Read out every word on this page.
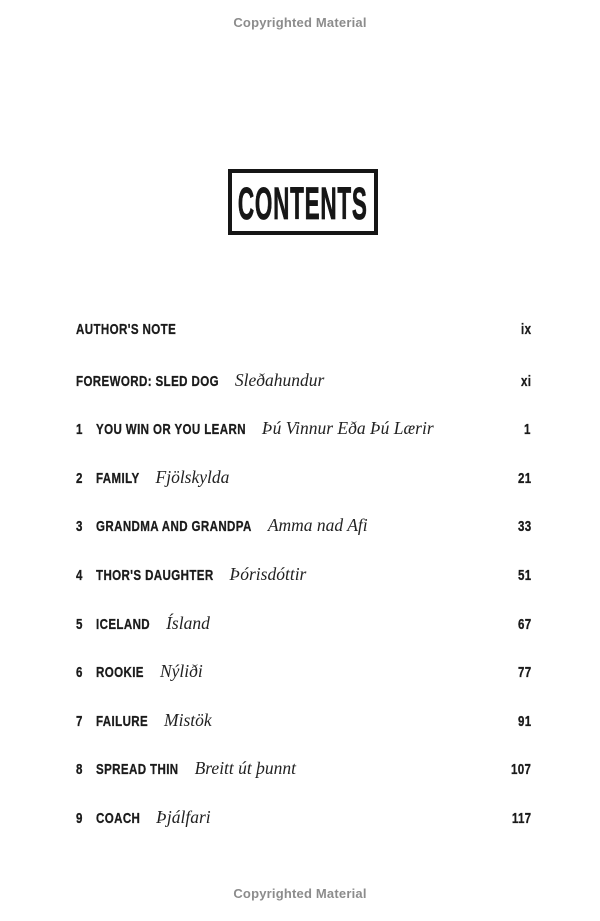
Copyrighted Material
CONTENTS
AUTHOR'S NOTE	ix
FOREWORD: SLED DOG Sleðahundur	xi
1 YOU WIN OR YOU LEARN Þú Vinnur Eða Þú Lærir	1
2 FAMILY Fjölskylda	21
3 GRANDMA AND GRANDPA Amma nad Afi	33
4 THOR'S DAUGHTER Þórisdóttir	51
5 ICELAND Ísland	67
6 ROOKIE Nýliði	77
7 FAILURE Mistök	91
8 SPREAD THIN Breitt út þunnt	107
9 COACH Þjálfari	117
Copyrighted Material
